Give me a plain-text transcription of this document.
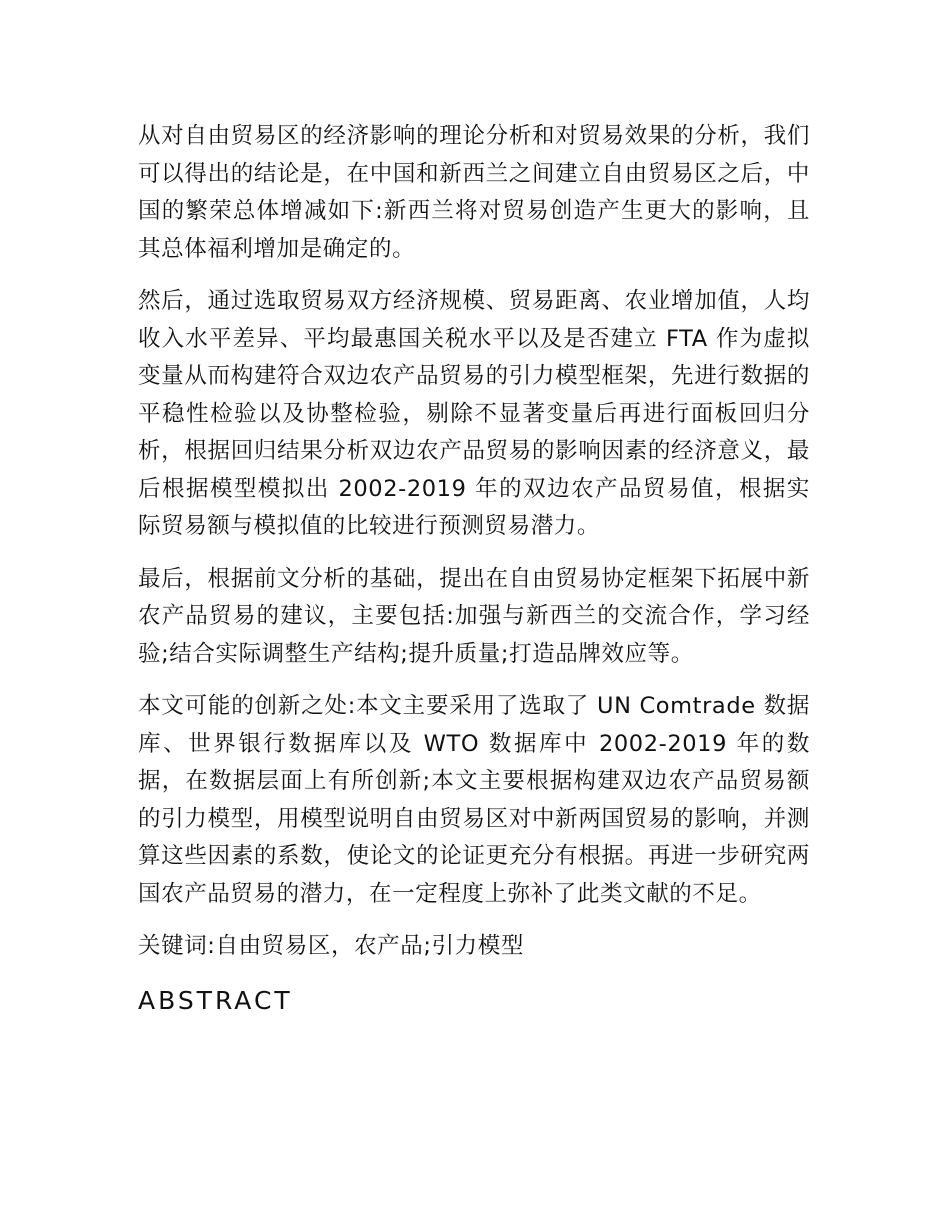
从对自由贸易区的经济影响的理论分析和对贸易效果的分析，我们可以得出的结论是，在中国和新西兰之间建立自由贸易区之后，中国的繁荣总体增减如下:新西兰将对贸易创造产生更大的影响，且其总体福利增加是确定的。

然后，通过选取贸易双方经济规模、贸易距离、农业增加值，人均收入水平差异、平均最惠国关税水平以及是否建立 FTA 作为虚拟变量从而构建符合双边农产品贸易的引力模型框架，先进行数据的平稳性检验以及协整检验，剔除不显著变量后再进行面板回归分析，根据回归结果分析双边农产品贸易的影响因素的经济意义，最后根据模型模拟出 2002-2019 年的双边农产品贸易值，根据实际贸易额与模拟值的比较进行预测贸易潜力。

最后，根据前文分析的基础，提出在自由贸易协定框架下拓展中新农产品贸易的建议，主要包括:加强与新西兰的交流合作，学习经验;结合实际调整生产结构;提升质量;打造品牌效应等。

本文可能的创新之处:本文主要采用了选取了 UN Comtrade 数据库、世界银行数据库以及 WTO 数据库中 2002-2019 年的数据，在数据层面上有所创新;本文主要根据构建双边农产品贸易额的引力模型，用模型说明自由贸易区对中新两国贸易的影响，并测算这些因素的系数，使论文的论证更充分有根据。再进一步研究两国农产品贸易的潜力，在一定程度上弥补了此类文献的不足。

关键词:自由贸易区，农产品;引力模型

ABSTRACT
